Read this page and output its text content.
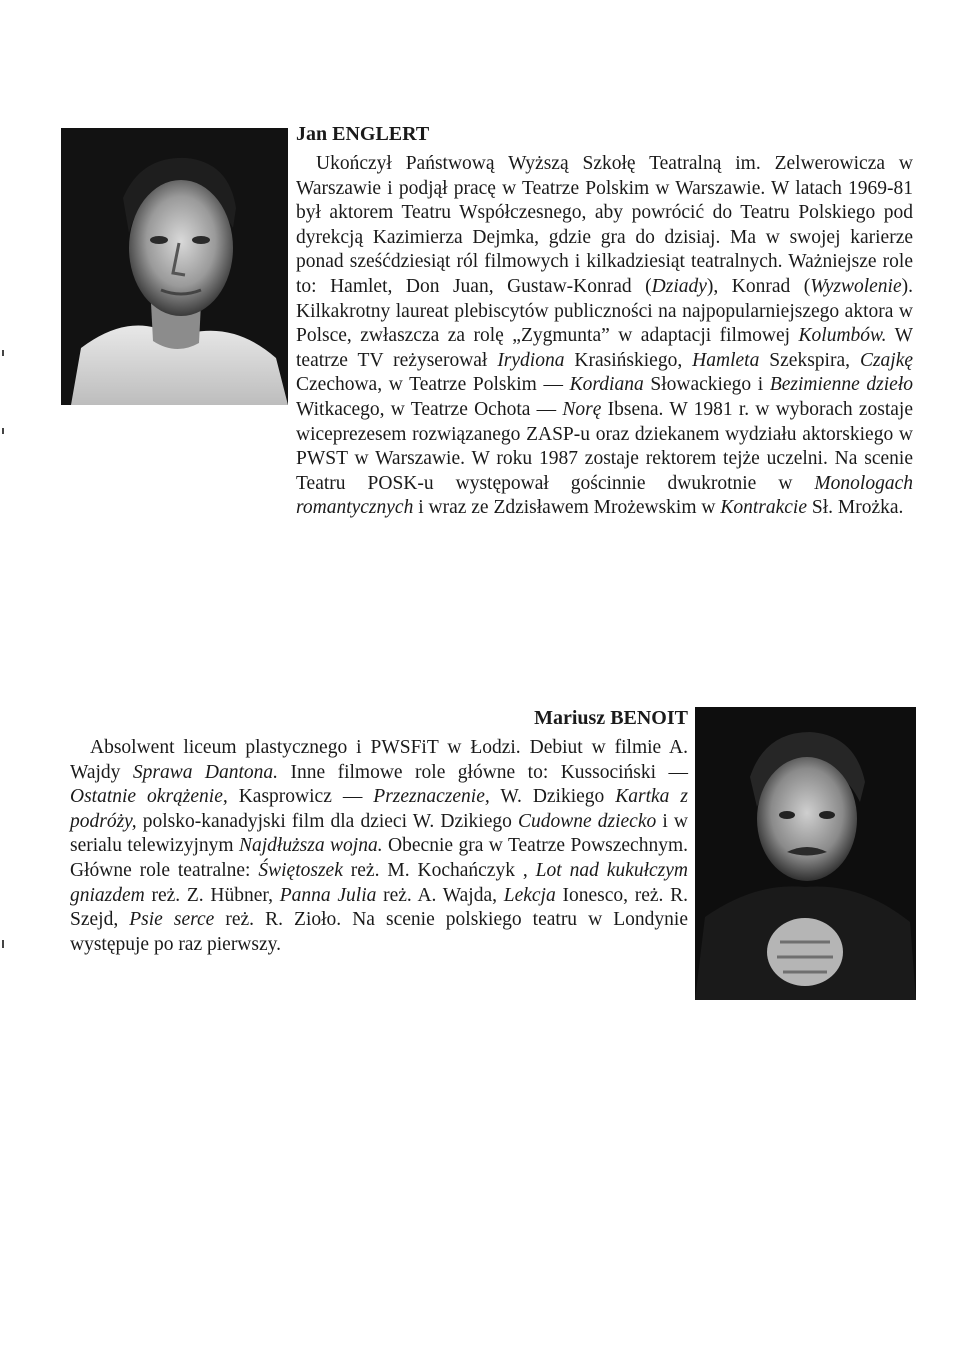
Jan ENGLERT

Ukończył Państwową Wyższą Szkołę Teatralną im. Zelwerowicza w Warszawie i podjął pracę w Teatrze Polskim w Warszawie. W latach 1969-81 był aktorem Teatru Współczesnego, aby powrócić do Teatru Polskiego pod dyrekcją Kazimierza Dejmka, gdzie gra do dzisiaj. Ma w swojej karierze ponad sześćdziesiąt ról filmowych i kilkadziesiąt teatralnych. Ważniejsze role to: Hamlet, Don Juan, Gustaw-Konrad (Dziady), Konrad (Wyzwolenie). Kilkakrotny laureat plebiscytów publiczności na najpopularniejszego aktora w Polsce, zwłaszcza za rolę „Zygmunta” w adaptacji filmowej Kolumbów. W teatrze TV reżyserował Irydiona Krasińskiego, Hamleta Szekspira, Czajkę Czechowa, w Teatrze Polskim — Kordiana Słowackiego i Bezimienne dzieło Witkacego, w Teatrze Ochota — Norę Ibsena. W 1981 r. w wyborach zostaje wiceprezesem rozwiązanego ZASP-u oraz dziekanem wydziału aktorskiego w PWST w Warszawie. W roku 1987 zostaje rektorem tejże uczelni. Na scenie Teatru POSK-u występował gościnnie dwukrotnie w Monologach romantycznych i wraz ze Zdzisławem Mrożewskim w Kontrakcie Sł. Mrożka.

Mariusz BENOIT

Absolwent liceum plastycznego i PWSFiT w Łodzi. Debiut w filmie A. Wajdy Sprawa Dantona. Inne filmowe role główne to: Kussociński — Ostatnie okrążenie, Kasprowicz — Przeznaczenie, W. Dzikiego Kartka z podróży, polsko-kanadyjski film dla dzieci W. Dzikiego Cudowne dziecko i w serialu telewizyjnym Najdłuższa wojna. Obecnie gra w Teatrze Powszechnym. Główne role teatralne: Świętoszek reż. M. Kochańczyk , Lot nad kukułczym gniazdem reż. Z. Hübner, Panna Julia reż. A. Wajda, Lekcja Ionesco, reż. R. Szejd, Psie serce reż. R. Zioło. Na scenie polskiego teatru w Londynie występuje po raz pierwszy.
